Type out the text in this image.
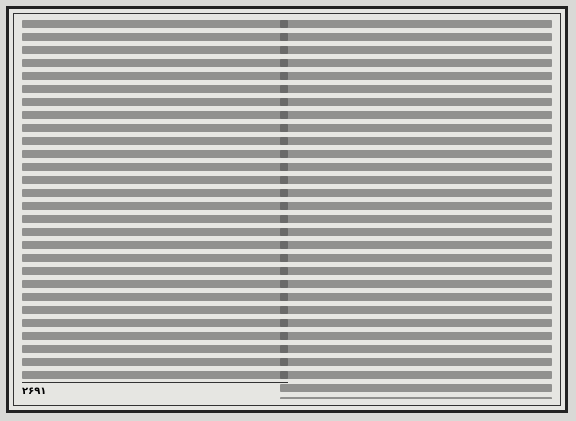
۲۶۹۱
